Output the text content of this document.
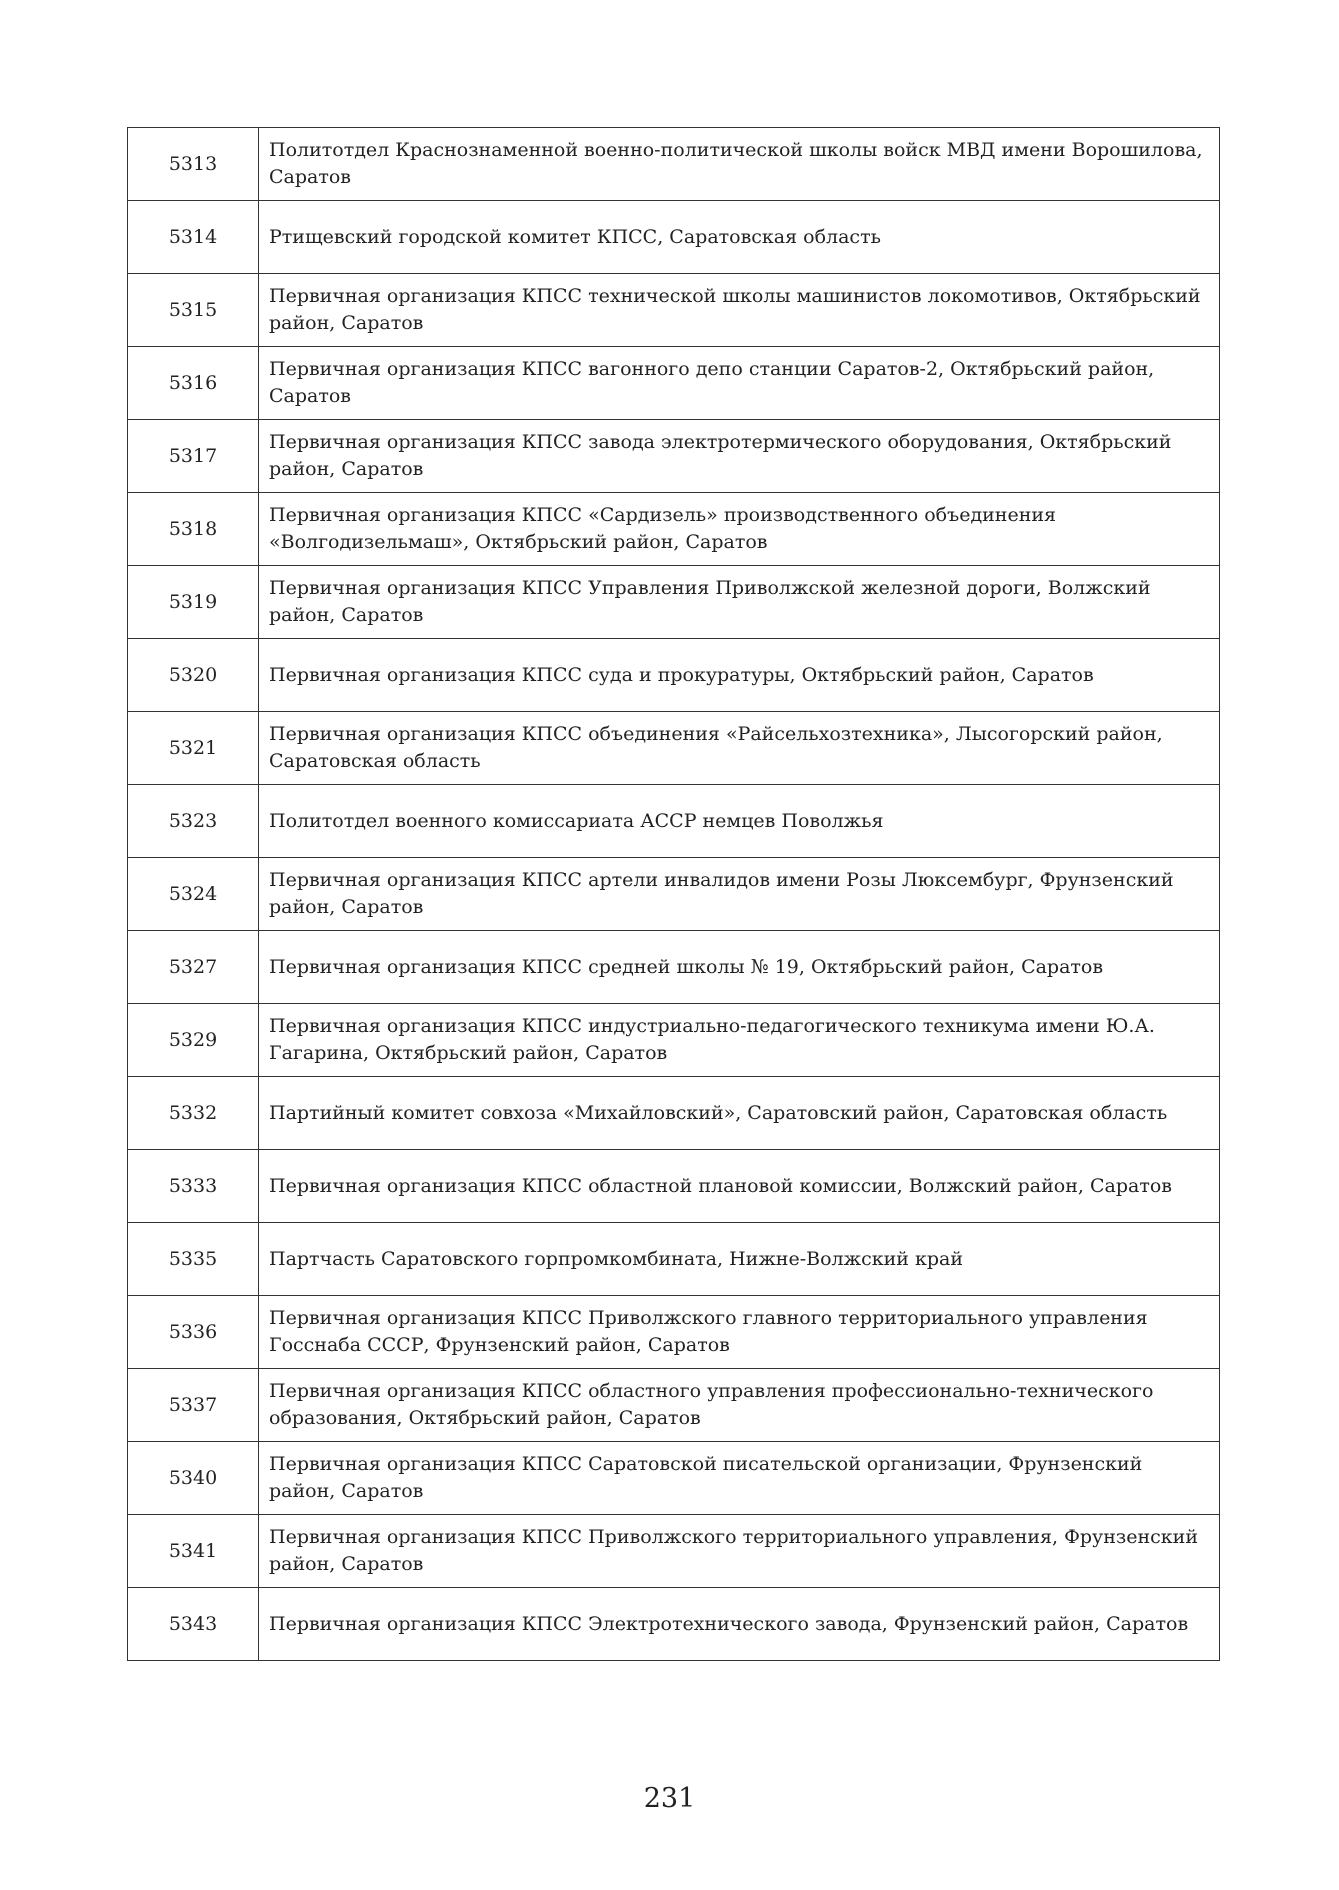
5313	Политотдел Краснознаменной военно-политической школы войск МВД имени Ворошилова, Саратов
5314	Ртищевский городской комитет КПСС, Саратовская область
5315	Первичная организация КПСС технической школы машинистов локомотивов, Октябрьский район, Саратов
5316	Первичная организация КПСС вагонного депо станции Саратов-2, Октябрьский район, Саратов
5317	Первичная организация КПСС завода электротермического оборудования, Октябрьский район, Саратов
5318	Первичная организация КПСС «Сардизель» производственного объединения «Волгодизельмаш», Октябрьский район, Саратов
5319	Первичная организация КПСС Управления Приволжской железной дороги, Волжский район, Саратов
5320	Первичная организация КПСС суда и прокуратуры, Октябрьский район, Саратов
5321	Первичная организация КПСС объединения «Райсельхозтехника», Лысогорский район, Саратовская область
5323	Политотдел военного комиссариата АССР немцев Поволжья
5324	Первичная организация КПСС артели инвалидов имени Розы Люксембург, Фрунзенский район, Саратов
5327	Первичная организация КПСС средней школы № 19, Октябрьский район, Саратов
5329	Первичная организация КПСС индустриально-педагогического техникума имени Ю.А. Гагарина, Октябрьский район, Саратов
5332	Партийный комитет совхоза «Михайловский», Саратовский район, Саратовская область
5333	Первичная организация КПСС областной плановой комиссии, Волжский район, Саратов
5335	Партчасть Саратовского горпромкомбината, Нижне-Волжский край
5336	Первичная организация КПСС Приволжского главного территориального управления Госснаба СССР, Фрунзенский район, Саратов
5337	Первичная организация КПСС областного управления профессионально-технического образования, Октябрьский район, Саратов
5340	Первичная организация КПСС Саратовской писательской организации, Фрунзенский район, Саратов
5341	Первичная организация КПСС Приволжского территориального управления, Фрунзенский район, Саратов
5343	Первичная организация КПСС Электротехнического завода, Фрунзенский район, Саратов
231
